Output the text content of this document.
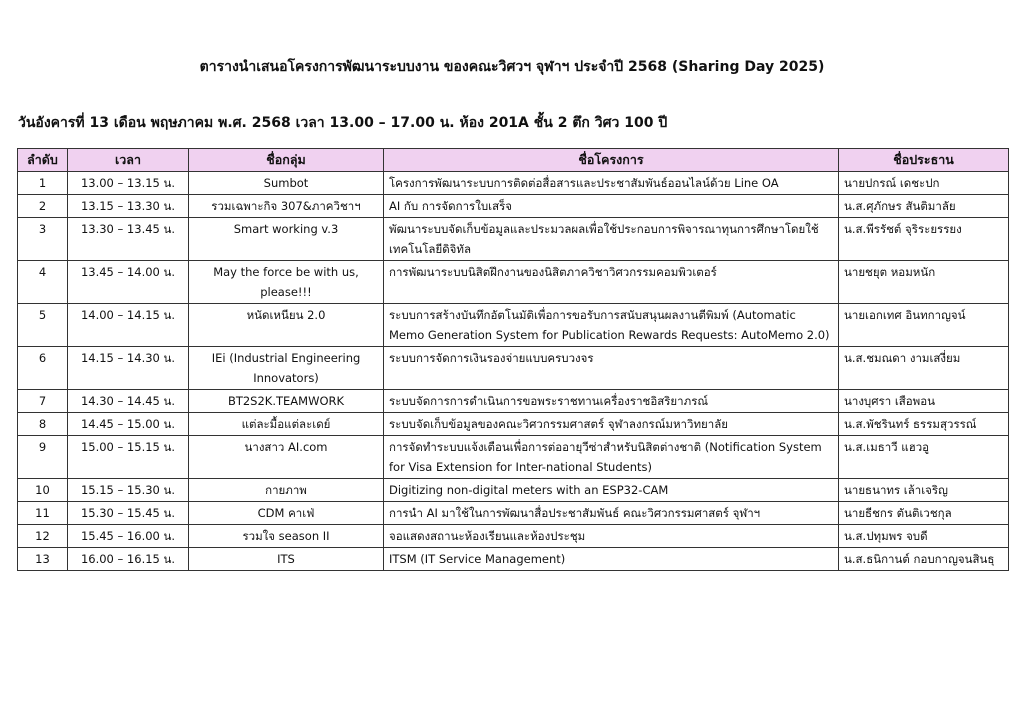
ตารางนำเสนอโครงการพัฒนาระบบงาน ของคณะวิศวฯ จุฬาฯ ประจำปี 2568 (Sharing Day 2025)
วันอังคารที่ 13 เดือน พฤษภาคม พ.ศ. 2568 เวลา 13.00 – 17.00 น. ห้อง 201A ชั้น 2 ตึก วิศว 100 ปี
ลำดับ	เวลา	ชื่อกลุ่ม	ชื่อโครงการ	ชื่อประธาน
1	13.00 – 13.15 น.	Sumbot	โครงการพัฒนาระบบการติดต่อสื่อสารและประชาสัมพันธ์ออนไลน์ด้วย Line OA	นายปกรณ์ เดชะปก
2	13.15 – 13.30 น.	รวมเฉพาะกิจ 307&ภาควิชาฯ	AI กับ การจัดการใบเสร็จ	น.ส.ศุภักษร สันติมาลัย
3	13.30 – 13.45 น.	Smart working v.3	พัฒนาระบบจัดเก็บข้อมูลและประมวลผลเพื่อใช้ประกอบการพิจารณาทุนการศึกษาโดยใช้เทคโนโลยีดิจิทัล	น.ส.พีรรัชต์ จุริระยรรยง
4	13.45 – 14.00 น.	May the force be with us, please!!!	การพัฒนาระบบนิสิตฝึกงานของนิสิตภาควิชาวิศวกรรมคอมพิวเตอร์	นายชยุต หอมหนัก
5	14.00 – 14.15 น.	หนัดเหนียน 2.0	ระบบการสร้างบันทึกอัตโนมัติเพื่อการขอรับการสนับสนุนผลงานตีพิมพ์ (Automatic Memo Generation System for Publication Rewards Requests: AutoMemo 2.0)	นายเอกเทศ อินทกาญจน์
6	14.15 – 14.30 น.	IEi (Industrial Engineering Innovators)	ระบบการจัดการเงินรองจ่ายแบบครบวงจร	น.ส.ชมณดา งามเสงี่ยม
7	14.30 – 14.45 น.	BT2S2K.TEAMWORK	ระบบจัดการการดำเนินการขอพระราชทานเครื่องราชอิสริยาภรณ์	นางบุศรา เสือพอน
8	14.45 – 15.00 น.	แต่ละมื้อแต่ละเดย์	ระบบจัดเก็บข้อมูลของคณะวิศวกรรมศาสตร์ จุฬาลงกรณ์มหาวิทยาลัย	น.ส.พัชรินทร์ ธรรมสุวรรณ์
9	15.00 – 15.15 น.	นางสาว AI.com	การจัดทำระบบแจ้งเตือนเพื่อการต่ออายุวีซ่าสำหรับนิสิตต่างชาติ (Notification System for Visa Extension for Inter-national Students)	น.ส.เมธาวี แฮวอู
10	15.15 – 15.30 น.	กายภาพ	Digitizing non-digital meters with an ESP32-CAM	นายธนาทร เล้าเจริญ
11	15.30 – 15.45 น.	CDM คาเฟ่	การนำ AI มาใช้ในการพัฒนาสื่อประชาสัมพันธ์ คณะวิศวกรรมศาสตร์ จุฬาฯ	นายธีชกร ตันติเวชกุล
12	15.45 – 16.00 น.	รวมใจ season II	จอแสดงสถานะห้องเรียนและห้องประชุม	น.ส.ปทุมพร จบดี
13	16.00 – 16.15 น.	ITS	ITSM (IT Service Management)	น.ส.ธนิกานต์ กอบกาญจนสินธุ
